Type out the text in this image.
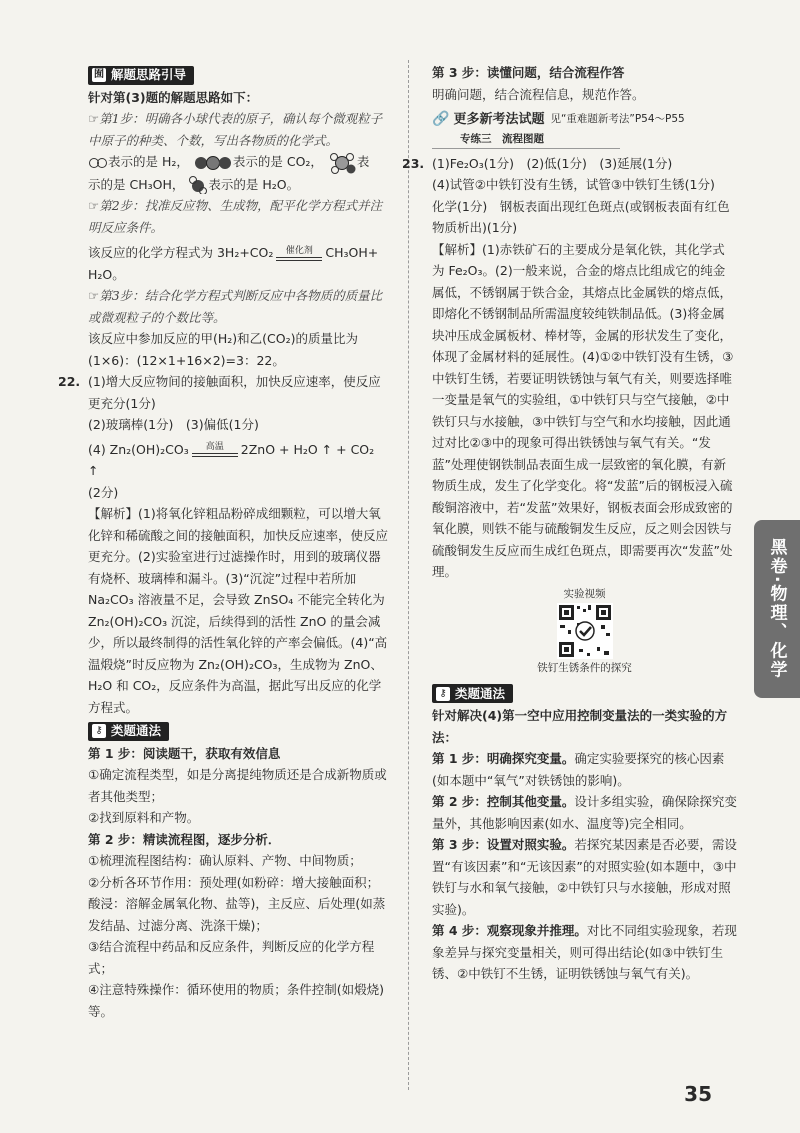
囿 解题思路引导

针对第(3)题的解题思路如下：

☞第1步：明确各小球代表的原子，确认每个微观粒子中原子的种类、个数，写出各物质的化学式。

表示的是 H₂，	表示的是 CO₂，	表

示的是 CH₃OH， 表示的是 H₂O。

☞第2步：找准反应物、生成物，配平化学方程式并注明反应条件。

该反应的化学方程式为 3H₂+CO₂ 催化剂 CH₃OH+

H₂O。

☞第3步：结合化学方程式判断反应中各物质的质量比或微观粒子的个数比等。

该反应中参加反应的甲(H₂)和乙(CO₂)的质量比为(1×6)：(12×1+16×2)=3：22。

22. (1)增大反应物间的接触面积，加快反应速率，使反应更充分(1分)

(2)玻璃棒(1分)　(3)偏低(1分)

(4) Zn₂(OH)₂CO₃ 高温 2ZnO + H₂O ↑ + CO₂ ↑

(2分)

【解析】(1)将氧化锌粗品粉碎成细颗粒，可以增大氧化锌和稀硫酸之间的接触面积，加快反应速率，使反应更充分。(2)实验室进行过滤操作时，用到的玻璃仪器有烧杯、玻璃棒和漏斗。(3)“沉淀”过程中若所加 Na₂CO₃ 溶液量不足，会导致 ZnSO₄ 不能完全转化为 Zn₂(OH)₂CO₃ 沉淀，后续得到的活性 ZnO 的量会减少，所以最终制得的活性氧化锌的产率会偏低。(4)“高温煅烧”时反应物为 Zn₂(OH)₂CO₃，生成物为 ZnO、H₂O 和 CO₂，反应条件为高温，据此写出反应的化学方程式。

⚷ 类题通法

第 1 步：阅读题干，获取有效信息

①确定流程类型，如是分离提纯物质还是合成新物质或者其他类型；

②找到原料和产物。

第 2 步：精读流程图，逐步分析．

①梳理流程图结构：确认原料、产物、中间物质；

②分析各环节作用：预处理(如粉碎：增大接触面积；酸浸：溶解金属氧化物、盐等)，主反应、后处理(如蒸发结晶、过滤分离、洗涤干燥)；

③结合流程中药品和反应条件，判断反应的化学方程式；

④注意特殊操作：循环使用的物质；条件控制(如煅烧)等。

第 3 步：读懂问题，结合流程作答

明确问题，结合流程信息，规范作答。

🔗 更多新考法试题 见“重难题新考法”P54～P55
专练三　流程图题
23. (1)Fe₂O₃(1分)　(2)低(1分)　(3)延展(1分)

(4)试管②中铁钉没有生锈，试管③中铁钉生锈(1分)　化学(1分)　钢板表面出现红色斑点(或钢板表面有红色物质析出)(1分)

【解析】(1)赤铁矿石的主要成分是氧化铁，其化学式为 Fe₂O₃。(2)一般来说，合金的熔点比组成它的纯金属低，不锈钢属于铁合金，其熔点比金属铁的熔点低，即熔化不锈钢制品所需温度较纯铁制品低。(3)将金属块冲压成金属板材、棒材等，金属的形状发生了变化，体现了金属材料的延展性。(4)①②中铁钉没有生锈，③中铁钉生锈，若要证明铁锈蚀与氧气有关，则要选择唯一变量是氧气的实验组，①中铁钉只与空气接触，②中铁钉只与水接触，③中铁钉与空气和水均接触，因此通过对比②③中的现象可得出铁锈蚀与氧气有关。“发蓝”处理使钢铁制品表面生成一层致密的氧化膜，有新物质生成，发生了化学变化。将“发蓝”后的钢板浸入硫酸铜溶液中，若“发蓝”效果好，钢板表面会形成致密的氧化膜，则铁不能与硫酸铜发生反应，反之则会因铁与硫酸铜发生反应而生成红色斑点，即需要再次“发蓝”处理。

实验视频
铁钉生锈条件的探究
⚷ 类题通法

针对解决(4)第一空中应用控制变量法的一类实验的方法：

第 1 步：明确探究变量。确定实验要探究的核心因素(如本题中“氧气”对铁锈蚀的影响)。

第 2 步：控制其他变量。设计多组实验，确保除探究变量外，其他影响因素(如水、温度等)完全相同。

第 3 步：设置对照实验。若探究某因素是否必要，需设置“有该因素”和“无该因素”的对照实验(如本题中，③中铁钉与水和氧气接触，②中铁钉只与水接触，形成对照实验)。

第 4 步：观察现象并推理。对比不同组实验现象，若现象差异与探究变量相关，则可得出结论(如③中铁钉生锈、②中铁钉不生锈，证明铁锈蚀与氧气有关)。

黑卷·物理、化学
35
